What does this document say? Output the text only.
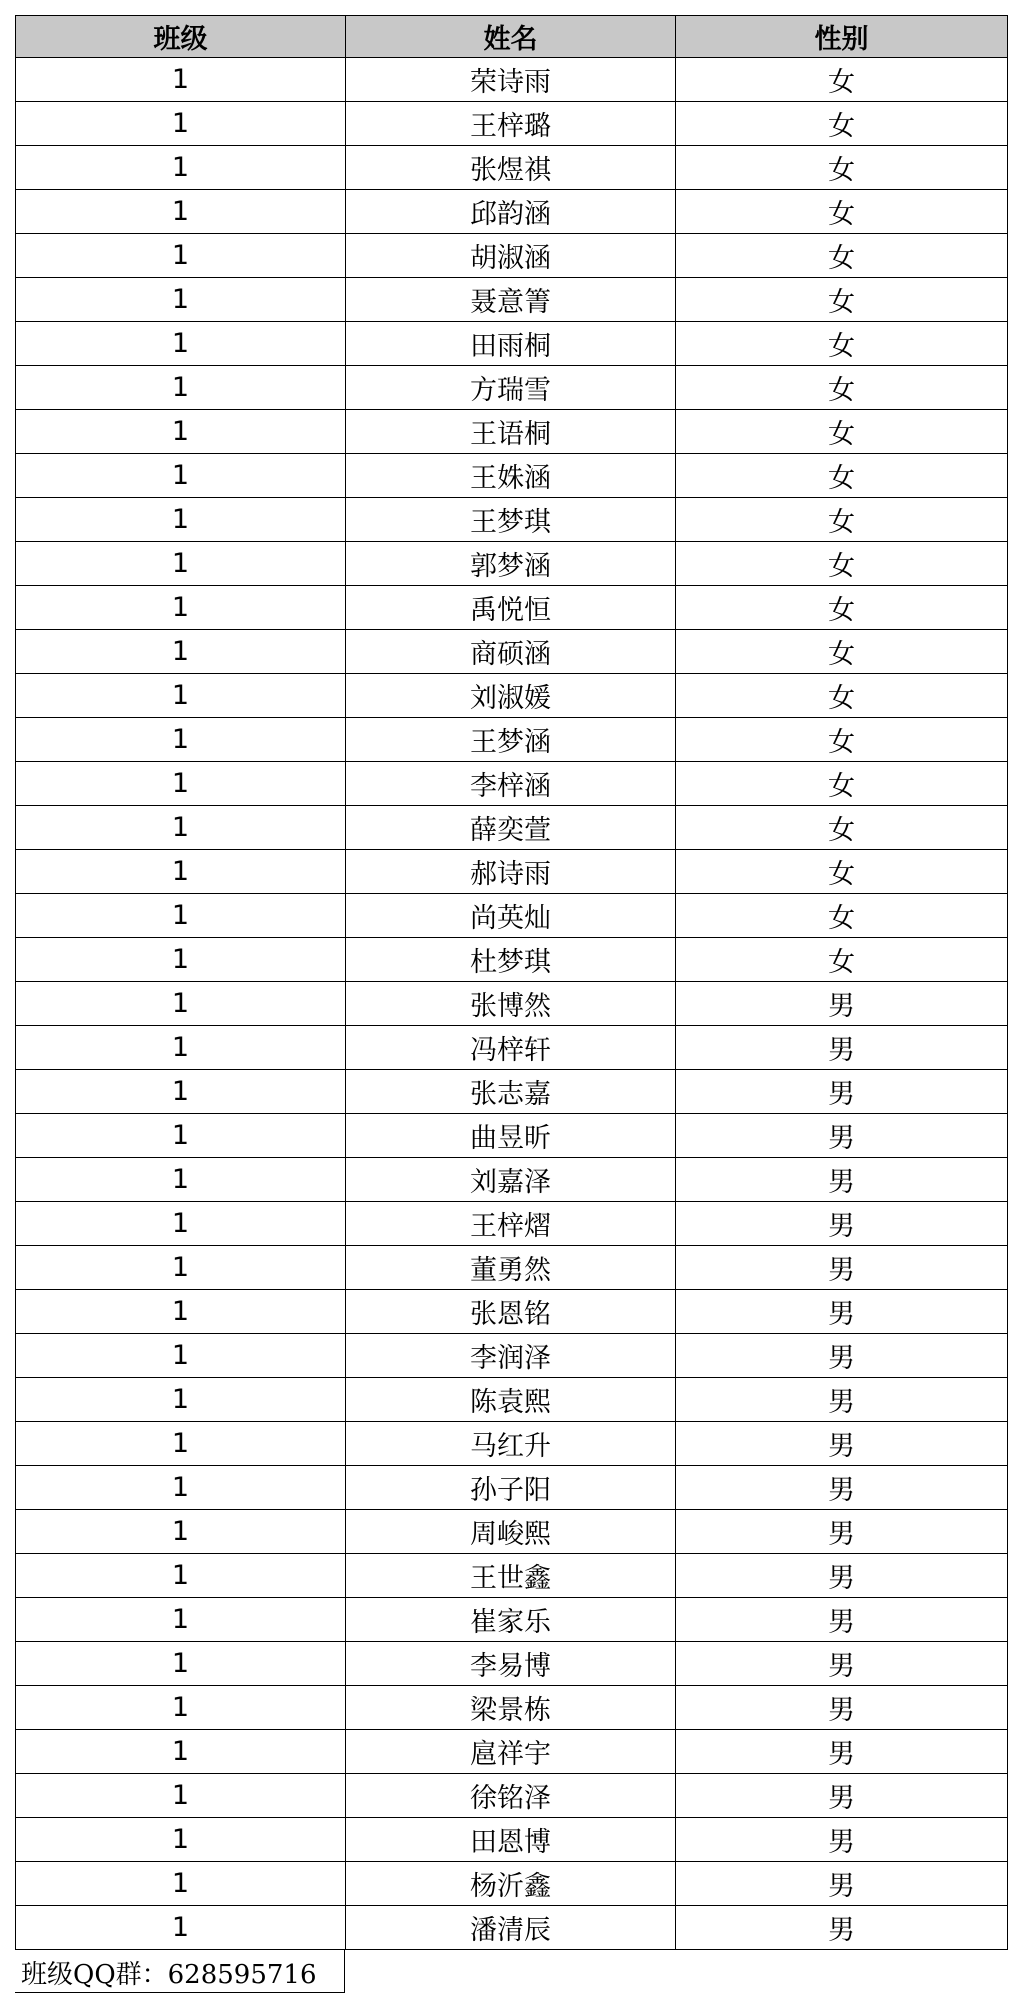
班级	姓名	性别
1	荣诗雨	女
1	王梓璐	女
1	张煜祺	女
1	邱韵涵	女
1	胡淑涵	女
1	聂意箐	女
1	田雨桐	女
1	方瑞雪	女
1	王语桐	女
1	王姝涵	女
1	王梦琪	女
1	郭梦涵	女
1	禹悦恒	女
1	商硕涵	女
1	刘淑媛	女
1	王梦涵	女
1	李梓涵	女
1	薛奕萱	女
1	郝诗雨	女
1	尚英灿	女
1	杜梦琪	女
1	张博然	男
1	冯梓轩	男
1	张志嘉	男
1	曲昱昕	男
1	刘嘉泽	男
1	王梓熠	男
1	董勇然	男
1	张恩铭	男
1	李润泽	男
1	陈袁熙	男
1	马红升	男
1	孙子阳	男
1	周峻熙	男
1	王世鑫	男
1	崔家乐	男
1	李易博	男
1	梁景栋	男
1	扈祥宇	男
1	徐铭泽	男
1	田恩博	男
1	杨沂鑫	男
1	潘清辰	男
班级QQ群：628595716
